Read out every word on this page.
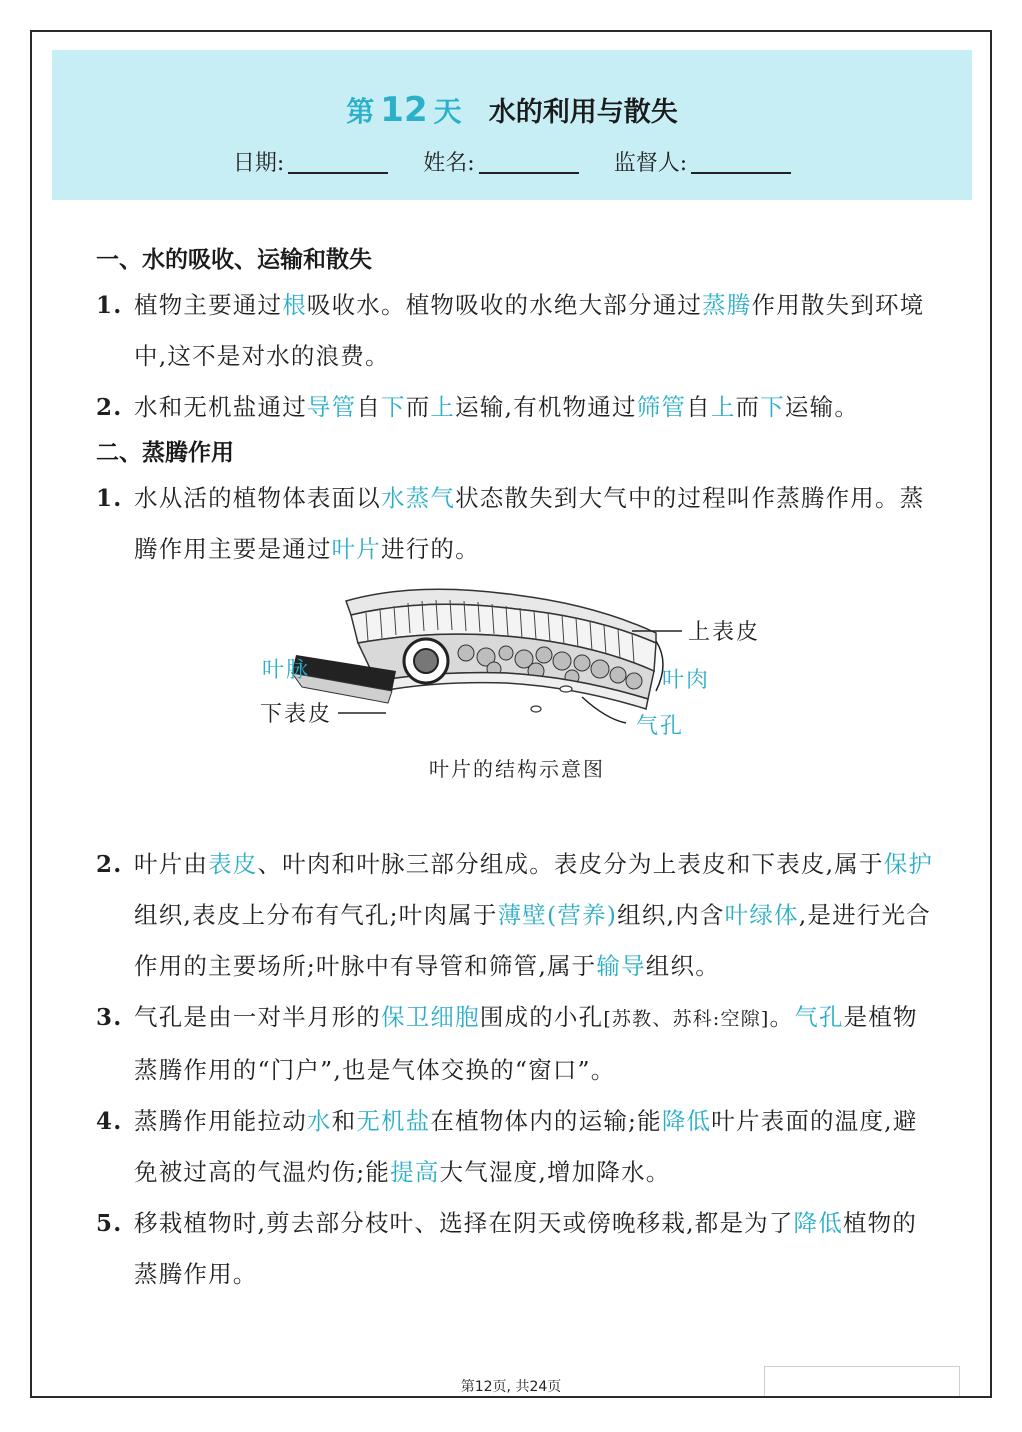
第 12 天 水的利用与散失
日期:	姓名:	监督人:
一、水的吸收、运输和散失
1. 植物主要通过根吸收水。植物吸收的水绝大部分通过蒸腾作用散失到环境中,这不是对水的浪费。
2. 水和无机盐通过导管自下而上运输,有机物通过筛管自上而下运输。
二、蒸腾作用
1. 水从活的植物体表面以水蒸气状态散失到大气中的过程叫作蒸腾作用。蒸腾作用主要是通过叶片进行的。
上表皮
叶脉	叶肉
下表皮	气孔
叶片的结构示意图
2. 叶片由表皮、叶肉和叶脉三部分组成。表皮分为上表皮和下表皮,属于保护组织,表皮上分布有气孔;叶肉属于薄壁(营养)组织,内含叶绿体,是进行光合作用的主要场所;叶脉中有导管和筛管,属于输导组织。
3. 气孔是由一对半月形的保卫细胞围成的小孔[苏教、苏科:空隙]。气孔是植物蒸腾作用的“门户”,也是气体交换的“窗口”。
4. 蒸腾作用能拉动水和无机盐在植物体内的运输;能降低叶片表面的温度,避免被过高的气温灼伤;能提高大气湿度,增加降水。
5. 移栽植物时,剪去部分枝叶、选择在阴天或傍晚移栽,都是为了降低植物的蒸腾作用。
第12页, 共24页
